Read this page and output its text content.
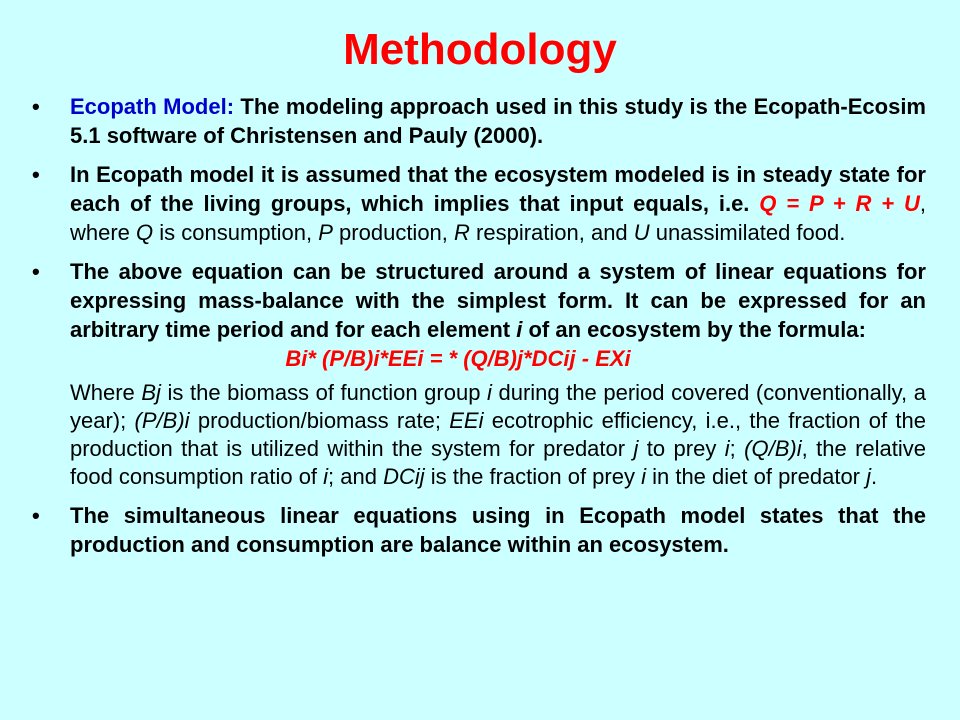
Methodology
• Ecopath Model: The modeling approach used in this study is the Ecopath-Ecosim 5.1 software of Christensen and Pauly (2000).
• In Ecopath model it is assumed that the ecosystem modeled is in steady state for each of the living groups, which implies that input equals, i.e. Q = P + R + U, where Q is consumption, P production, R respiration, and U unassimilated food.
• The above equation can be structured around a system of linear equations for expressing mass-balance with the simplest form. It can be expressed for an arbitrary time period and for each element i of an ecosystem by the formula:
Bi* (P/B)i*EEi = * (Q/B)j*DCij - EXi
Where Bj is the biomass of function group i during the period covered (conventionally, a year); (P/B)i production/biomass rate; EEi ecotrophic efficiency, i.e., the fraction of the production that is utilized within the system for predator j to prey i; (Q/B)i, the relative food consumption ratio of i; and DCij is the fraction of prey i in the diet of predator j.
• The simultaneous linear equations using in Ecopath model states that the production and consumption are balance within an ecosystem.
